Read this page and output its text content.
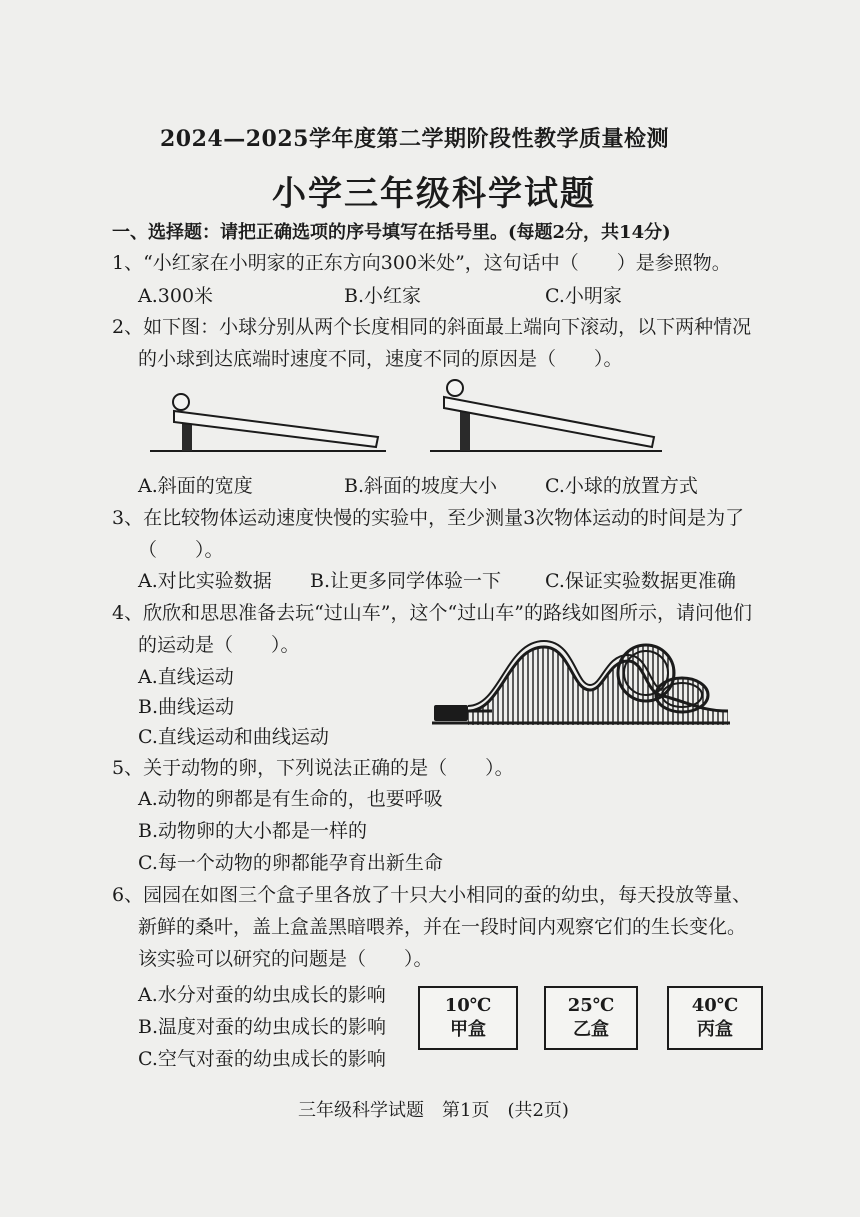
2024—2025学年度第二学期阶段性教学质量检测
小学三年级科学试题
一、选择题：请把正确选项的序号填写在括号里。(每题2分，共14分)
1、“小红家在小明家的正东方向300米处”，这句话中（　　）是参照物。
A.300米	B.小红家	C.小明家
2、如下图：小球分别从两个长度相同的斜面最上端向下滚动，以下两种情况
的小球到达底端时速度不同，速度不同的原因是（　　）。
A.斜面的宽度	B.斜面的坡度大小	C.小球的放置方式
3、在比较物体运动速度快慢的实验中，至少测量3次物体运动的时间是为了
（　　）。
A.对比实验数据 B.让更多同学体验一下 C.保证实验数据更准确
4、欣欣和思思准备去玩“过山车”，这个“过山车”的路线如图所示，请问他们
的运动是（　　）。
A.直线运动
B.曲线运动
C.直线运动和曲线运动
5、关于动物的卵，下列说法正确的是（　　）。
A.动物的卵都是有生命的，也要呼吸
B.动物卵的大小都是一样的
C.每一个动物的卵都能孕育出新生命
6、园园在如图三个盒子里各放了十只大小相同的蚕的幼虫，每天投放等量、
新鲜的桑叶，盖上盒盖黑暗喂养，并在一段时间内观察它们的生长变化。
该实验可以研究的问题是（　　）。
A.水分对蚕的幼虫成长的影响
B.温度对蚕的幼虫成长的影响
C.空气对蚕的幼虫成长的影响
10℃
甲盒
25℃
乙盒
40℃
丙盒
三年级科学试题　第1页　(共2页)
